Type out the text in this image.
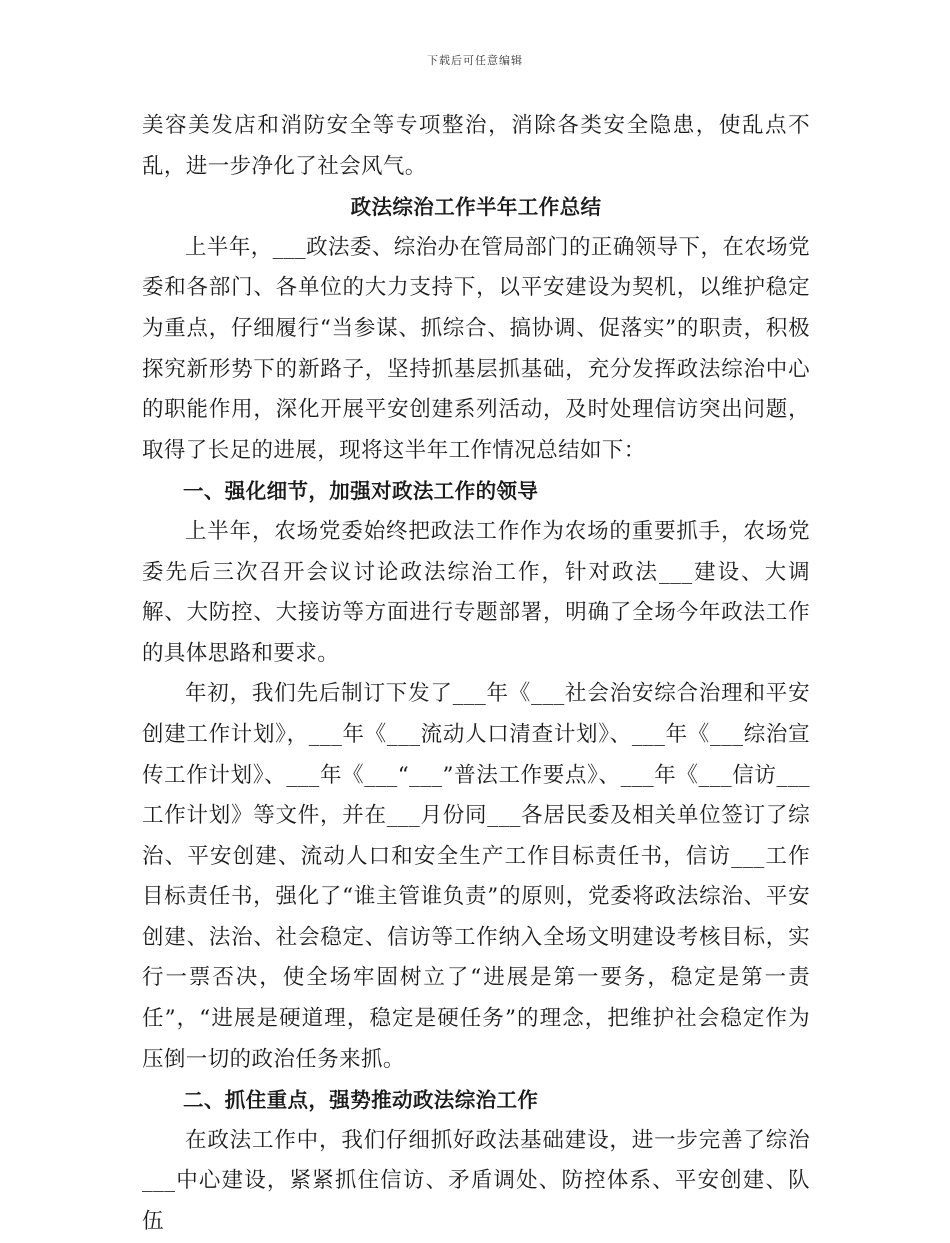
下载后可任意编辑

美容美发店和消防安全等专项整治，消除各类安全隐患，使乱点不乱，进一步净化了社会风气。

政法综治工作半年工作总结

上半年，___政法委、综治办在管局部门的正确领导下，在农场党委和各部门、各单位的大力支持下，以平安建设为契机，以维护稳定为重点，仔细履行“当参谋、抓综合、搞协调、促落实”的职责，积极探究新形势下的新路子，坚持抓基层抓基础，充分发挥政法综治中心的职能作用，深化开展平安创建系列活动，及时处理信访突出问题，取得了长足的进展，现将这半年工作情况总结如下：

一、强化细节，加强对政法工作的领导

上半年，农场党委始终把政法工作作为农场的重要抓手，农场党委先后三次召开会议讨论政法综治工作，针对政法___建设、大调解、大防控、大接访等方面进行专题部署，明确了全场今年政法工作的具体思路和要求。

年初，我们先后制订下发了___年《___社会治安综合治理和平安创建工作计划》，___年《___流动人口清查计划》、___年《___综治宣传工作计划》、___年《___“___”普法工作要点》、___年《___信访___工作计划》等文件，并在___月份同___各居民委及相关单位签订了综治、平安创建、流动人口和安全生产工作目标责任书，信访___工作目标责任书，强化了“谁主管谁负责”的原则，党委将政法综治、平安创建、法治、社会稳定、信访等工作纳入全场文明建设考核目标，实行一票否决，使全场牢固树立了“进展是第一要务，稳定是第一责任”，“进展是硬道理，稳定是硬任务”的理念，把维护社会稳定作为压倒一切的政治任务来抓。

二、抓住重点，强势推动政法综治工作

在政法工作中，我们仔细抓好政法基础建设，进一步完善了综治___中心建设，紧紧抓住信访、矛盾调处、防控体系、平安创建、队伍
